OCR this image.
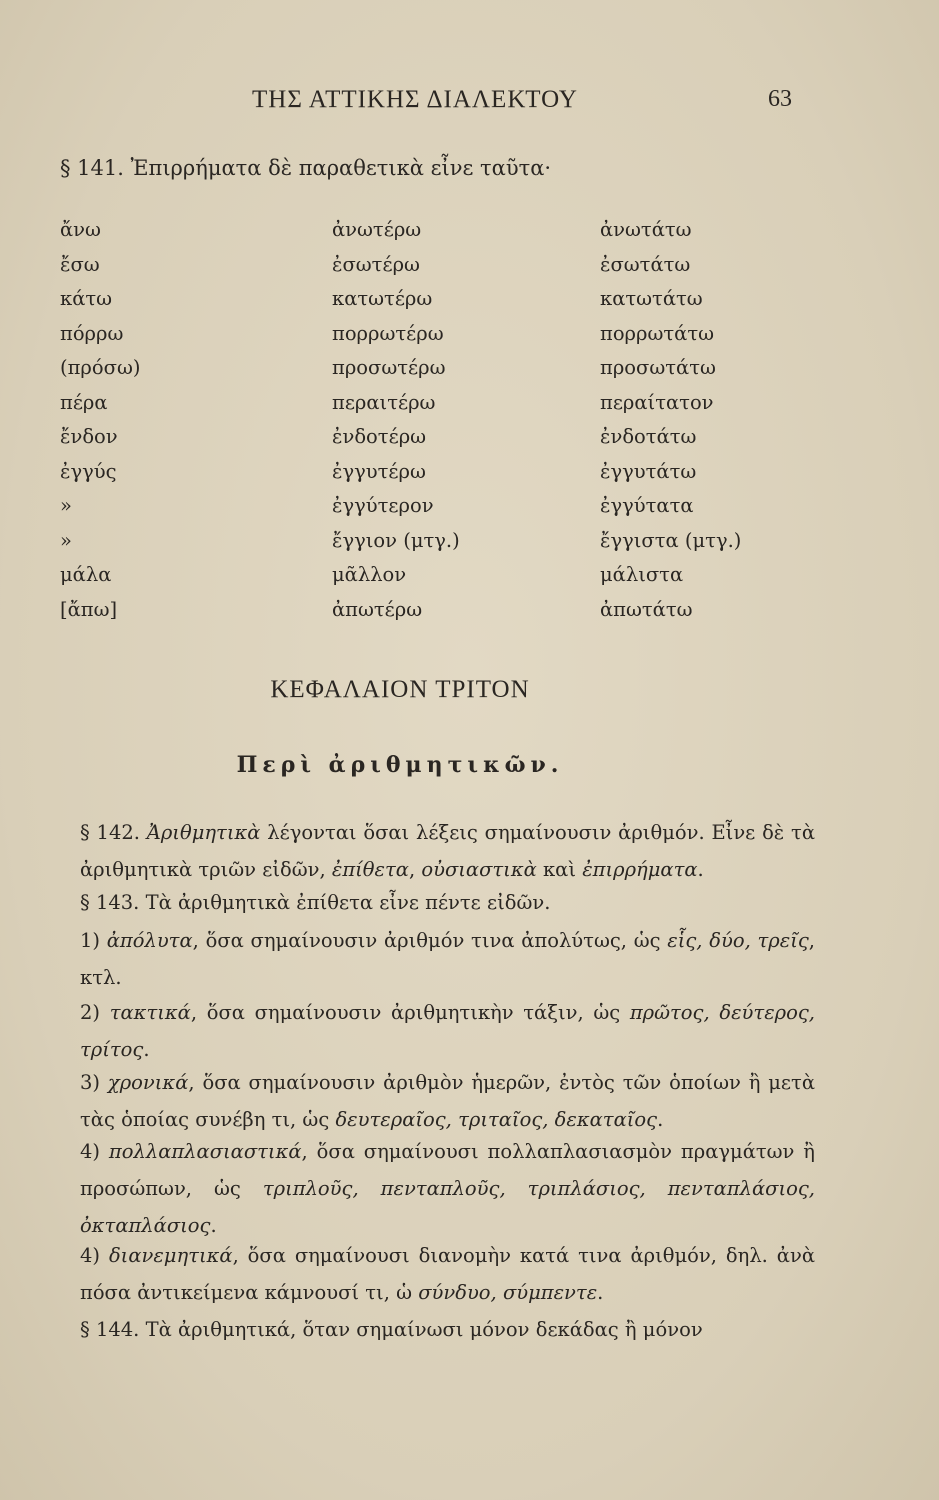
ΤΗΣ ΑΤΤΙΚΗΣ ΔΙΑΛΕΚΤΟΥ	63
§ 141. Ἐπιρρήματα δὲ παραθετικὰ εἶνε ταῦτα·
ἄνω	ἀνωτέρω	ἀνωτάτω
ἔσω	ἐσωτέρω	ἐσωτάτω
κάτω	κατωτέρω	κατωτάτω
πόρρω	πορρωτέρω	πορρωτάτω
(πρόσω)	προσωτέρω	προσωτάτω
πέρα	περαιτέρω	περαίτατον
ἔνδον	ἐνδοτέρω	ἐνδοτάτω
ἐγγύς	ἐγγυτέρω	ἐγγυτάτω
»	ἐγγύτερον	ἐγγύτατα
»	ἔγγιον (μτγ.)	ἔγγιστα (μτγ.)
μάλα	μᾶλλον	μάλιστα
[ἄπω]	ἀπωτέρω	ἀπωτάτω
ΚΕΦΑΛΑΙΟΝ ΤΡΙΤΟΝ
Περὶ ἀριθμητικῶν.
§ 142. Ἀριθμητικὰ λέγονται ὅσαι λέξεις σημαίνουσιν ἀριθμόν. Εἶνε δὲ τὰ ἀριθμητικὰ τριῶν εἰδῶν, ἐπίθετα, οὐσιαστικὰ καὶ ἐπιρρήματα.
§ 143. Τὰ ἀριθμητικὰ ἐπίθετα εἶνε πέντε εἰδῶν.
1) ἀπόλυτα, ὅσα σημαίνουσιν ἀριθμόν τινα ἀπολύτως, ὡς εἷς, δύο, τρεῖς, κτλ.
2) τακτικά, ὅσα σημαίνουσιν ἀριθμητικὴν τάξιν, ὡς πρῶτος, δεύτερος, τρίτος.
3) χρονικά, ὅσα σημαίνουσιν ἀριθμὸν ἡμερῶν, ἐντὸς τῶν ὁποίων ἢ μετὰ τὰς ὁποίας συνέβη τι, ὡς δευτεραῖος, τριταῖος, δεκαταῖος.
4) πολλαπλασιαστικά, ὅσα σημαίνουσι πολλαπλασιασμὸν πραγμάτων ἢ προσώπων, ὡς τριπλοῦς, πενταπλοῦς, τριπλάσιος, πενταπλάσιος, ὀκταπλάσιος.
4) διανεμητικά, ὅσα σημαίνουσι διανομὴν κατά τινα ἀριθμόν, δηλ. ἀνὰ πόσα ἀντικείμενα κάμνουσί τι, ὡ σύνδυο, σύμπεντε.
§ 144. Τὰ ἀριθμητικά, ὅταν σημαίνωσι μόνον δεκάδας ἢ μόνον
